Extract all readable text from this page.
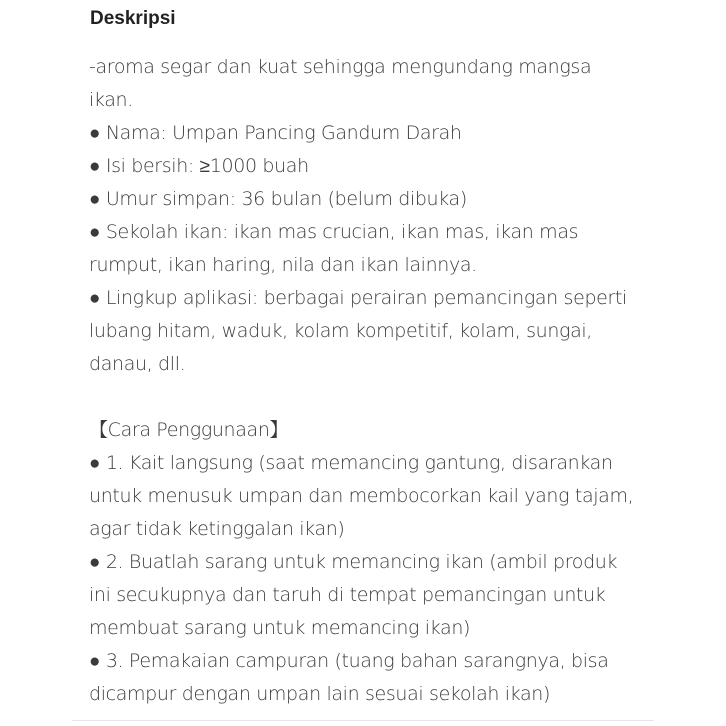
Deskripsi
-aroma segar dan kuat sehingga mengundang mangsa
ikan.
● Nama: Umpan Pancing Gandum Darah
● Isi bersih: ≥1000 buah
● Umur simpan: 36 bulan (belum dibuka)
● Sekolah ikan: ikan mas crucian, ikan mas, ikan mas
rumput, ikan haring, nila dan ikan lainnya.
● Lingkup aplikasi: berbagai perairan pemancingan seperti
lubang hitam, waduk, kolam kompetitif, kolam, sungai,
danau, dll.
【Cara Penggunaan】
● 1. Kait langsung (saat memancing gantung, disarankan
untuk menusuk umpan dan membocorkan kail yang tajam,
agar tidak ketinggalan ikan)
● 2. Buatlah sarang untuk memancing ikan (ambil produk
ini secukupnya dan taruh di tempat pemancingan untuk
membuat sarang untuk memancing ikan)
● 3. Pemakaian campuran (tuang bahan sarangnya, bisa
dicampur dengan umpan lain sesuai sekolah ikan)
